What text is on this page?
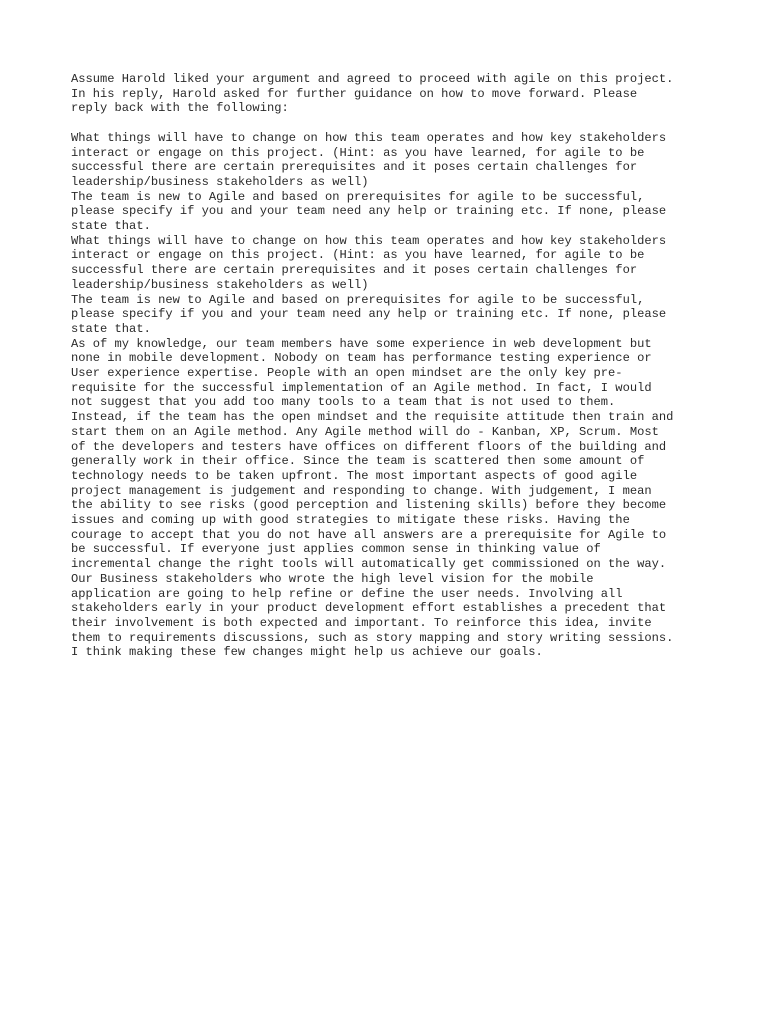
Assume Harold liked your argument and agreed to proceed with agile on this project.
In his reply, Harold asked for further guidance on how to move forward. Please
reply back with the following:

What things will have to change on how this team operates and how key stakeholders
interact or engage on this project. (Hint: as you have learned, for agile to be
successful there are certain prerequisites and it poses certain challenges for
leadership/business stakeholders as well)

The team is new to Agile and based on prerequisites for agile to be successful,
please specify if you and your team need any help or training etc. If none, please
state that.

What things will have to change on how this team operates and how key stakeholders
interact or engage on this project. (Hint: as you have learned, for agile to be
successful there are certain prerequisites and it poses certain challenges for
leadership/business stakeholders as well)

The team is new to Agile and based on prerequisites for agile to be successful,
please specify if you and your team need any help or training etc. If none, please
state that.

As of my knowledge, our team members have some experience in web development but
none in mobile development. Nobody on team has performance testing experience or
User experience expertise. People with an open mindset are the only key pre-
requisite for the successful implementation of an Agile method. In fact, I would
not suggest that you add too many tools to a team that is not used to them.
Instead, if the team has the open mindset and the requisite attitude then train and
start them on an Agile method. Any Agile method will do - Kanban, XP, Scrum. Most
of the developers and testers have offices on different floors of the building and
generally work in their office. Since the team is scattered then some amount of
technology needs to be taken upfront. The most important aspects of good agile
project management is judgement and responding to change. With judgement, I mean
the ability to see risks (good perception and listening skills) before they become
issues and coming up with good strategies to mitigate these risks. Having the
courage to accept that you do not have all answers are a prerequisite for Agile to
be successful. If everyone just applies common sense in thinking value of
incremental change the right tools will automatically get commissioned on the way.
Our Business stakeholders who wrote the high level vision for the mobile
application are going to help refine or define the user needs. Involving all
stakeholders early in your product development effort establishes a precedent that
their involvement is both expected and important. To reinforce this idea, invite
them to requirements discussions, such as story mapping and story writing sessions.
I think making these few changes might help us achieve our goals.
